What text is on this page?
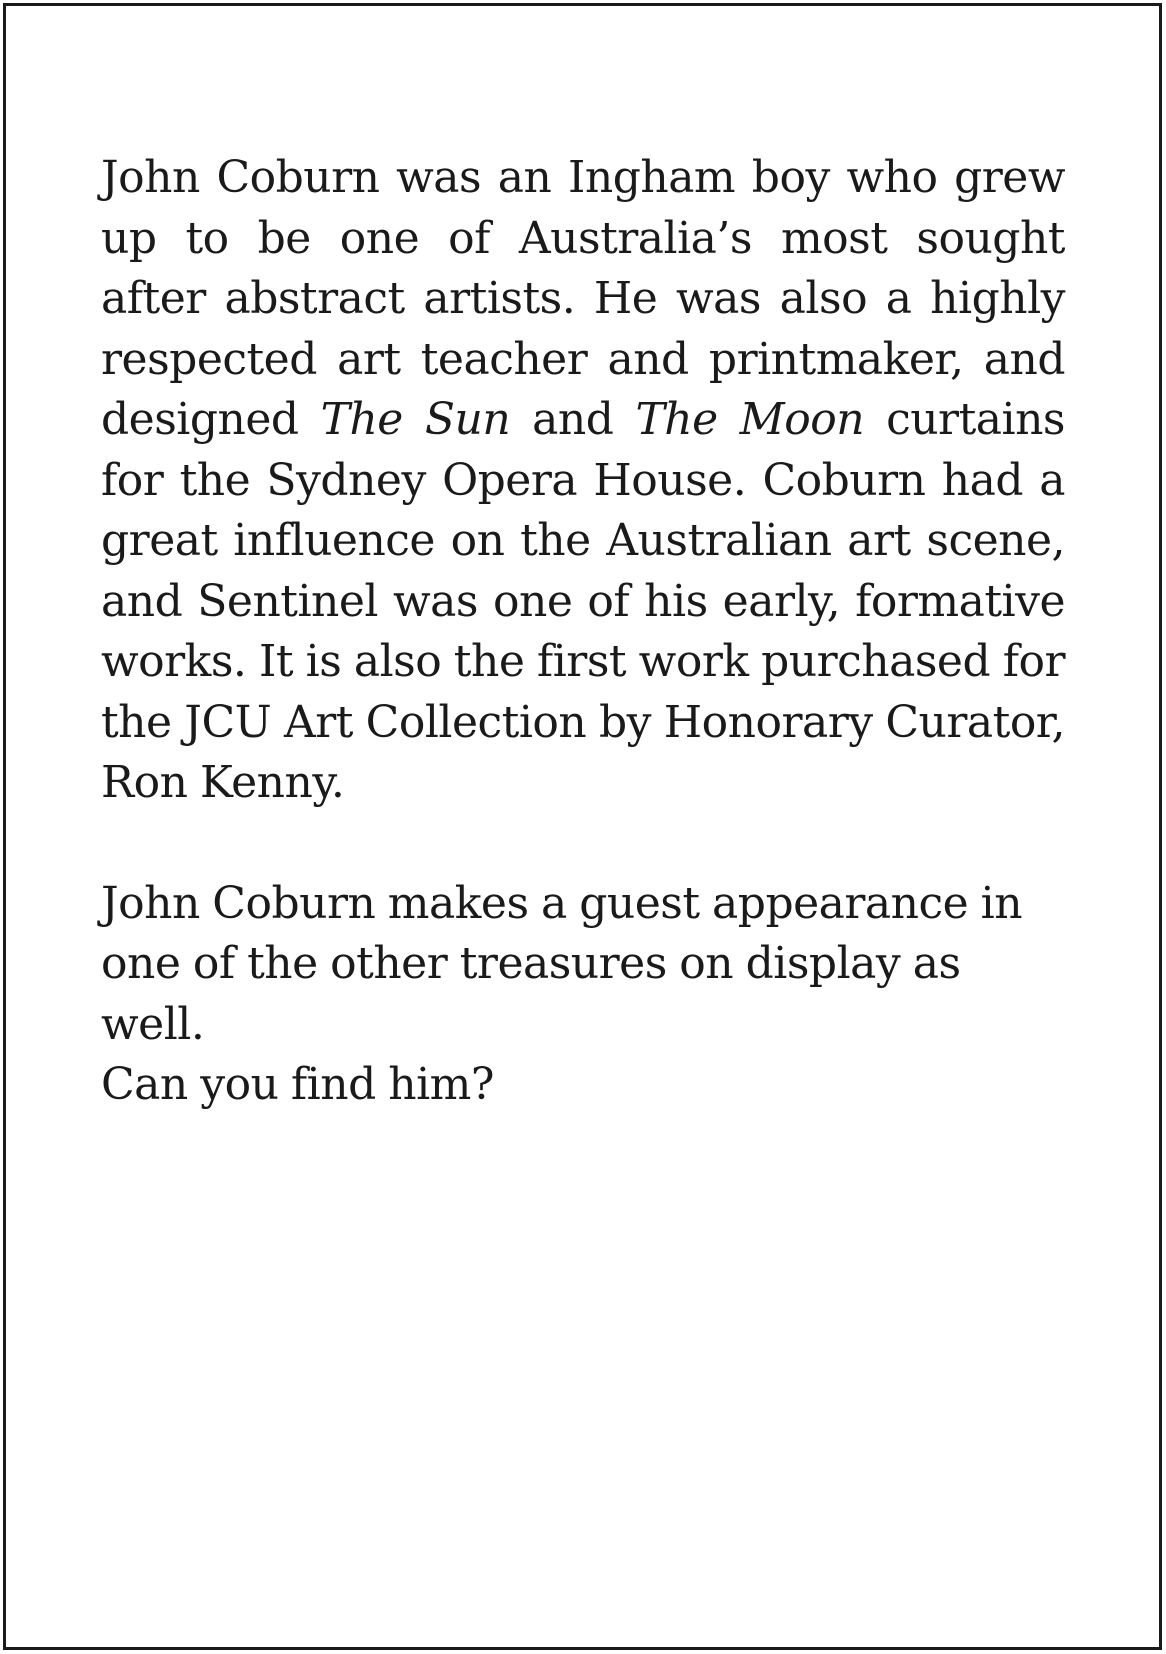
John Coburn was an Ingham boy who grew up to be one of Australia’s most sought after abstract artists. He was also a highly respected art teacher and printmaker, and designed The Sun and The Moon curtains for the Sydney Opera House. Coburn had a great influence on the Australian art scene, and Sentinel was one of his early, formative works. It is also the first work purchased for the JCU Art Collection by Honorary Curator, Ron Kenny.

John Coburn makes a guest appearance in
one of the other treasures on display as well.
Can you find him?
